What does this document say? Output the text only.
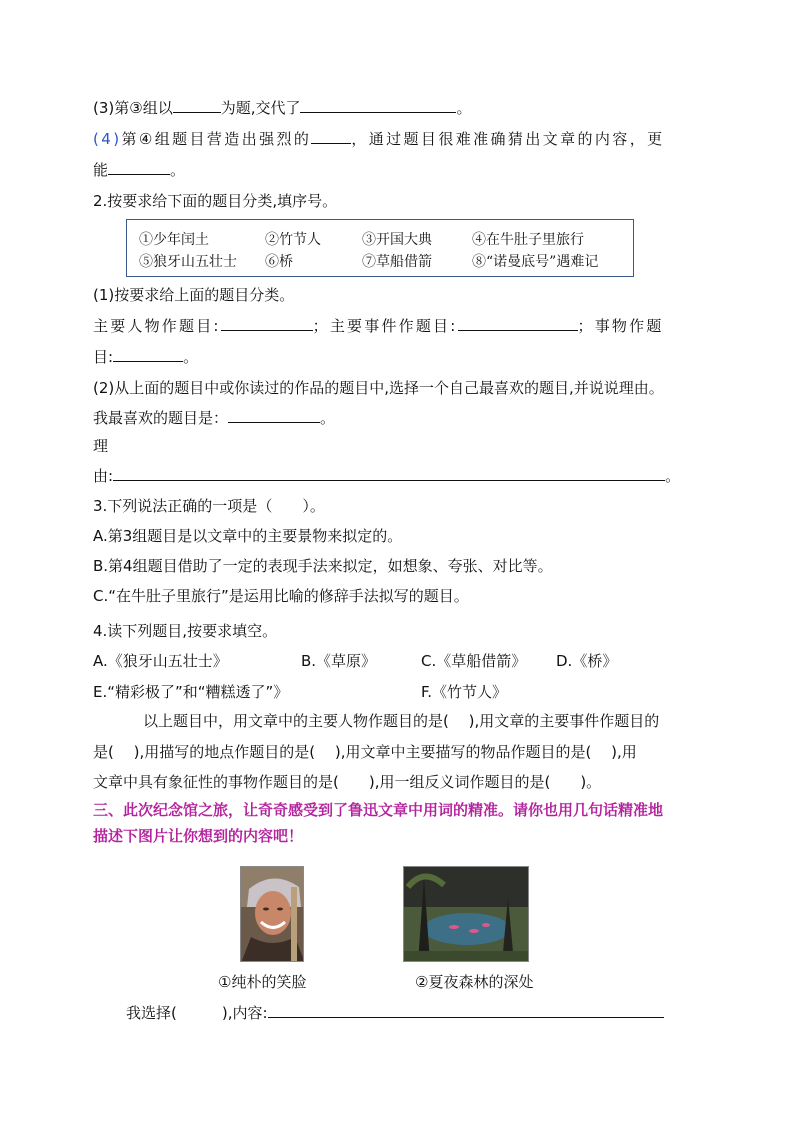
(3)第③组以	为题,交代了	。
(4)第④组题目营造出强烈的	，通过题目很难准确猜出文章的内容，更
能	。
2.按要求给下面的题目分类,填序号。
①少年闰土	②竹节人	③开国大典	④在牛肚子里旅行
⑤狼牙山五壮士 ⑥桥	⑦草船借箭	⑧“诺曼底号”遇难记
(1)按要求给上面的题目分类。
主要人物作题目:	；主要事件作题目:	；事物作题
目:	。
(2)从上面的题目中或你读过的作品的题目中,选择一个自己最喜欢的题目,并说说理由。
我最喜欢的题目是：	。
理
由:	。
3.下列说法正确的一项是（　　）。
A.第3组题目是以文章中的主要景物来拟定的。
B.第4组题目借助了一定的表现手法来拟定，如想象、夸张、对比等。
C.“在牛肚子里旅行”是运用比喻的修辞手法拟写的题目。
4.读下列题目,按要求填空。
A.《狼牙山五壮士》	B.《草原》	C.《草船借箭》 D.《桥》
E.“精彩极了”和“糟糕透了”》	F.《竹节人》
以上题目中，用文章中的主要人物作题目的是(　 ),用文章的主要事件作题目的
是(　 ),用描写的地点作题目的是(　 ),用文章中主要描写的物品作题目的是(　 ),用
文章中具有象征性的事物作题目的是(　　),用一组反义词作题目的是(　　)。
三、此次纪念馆之旅，让奇奇感受到了鲁迅文章中用词的精准。请你也用几句话精准地
描述下图片让你想到的内容吧！
①纯朴的笑脸	②夏夜森林的深处
我选择(　　　),内容:
